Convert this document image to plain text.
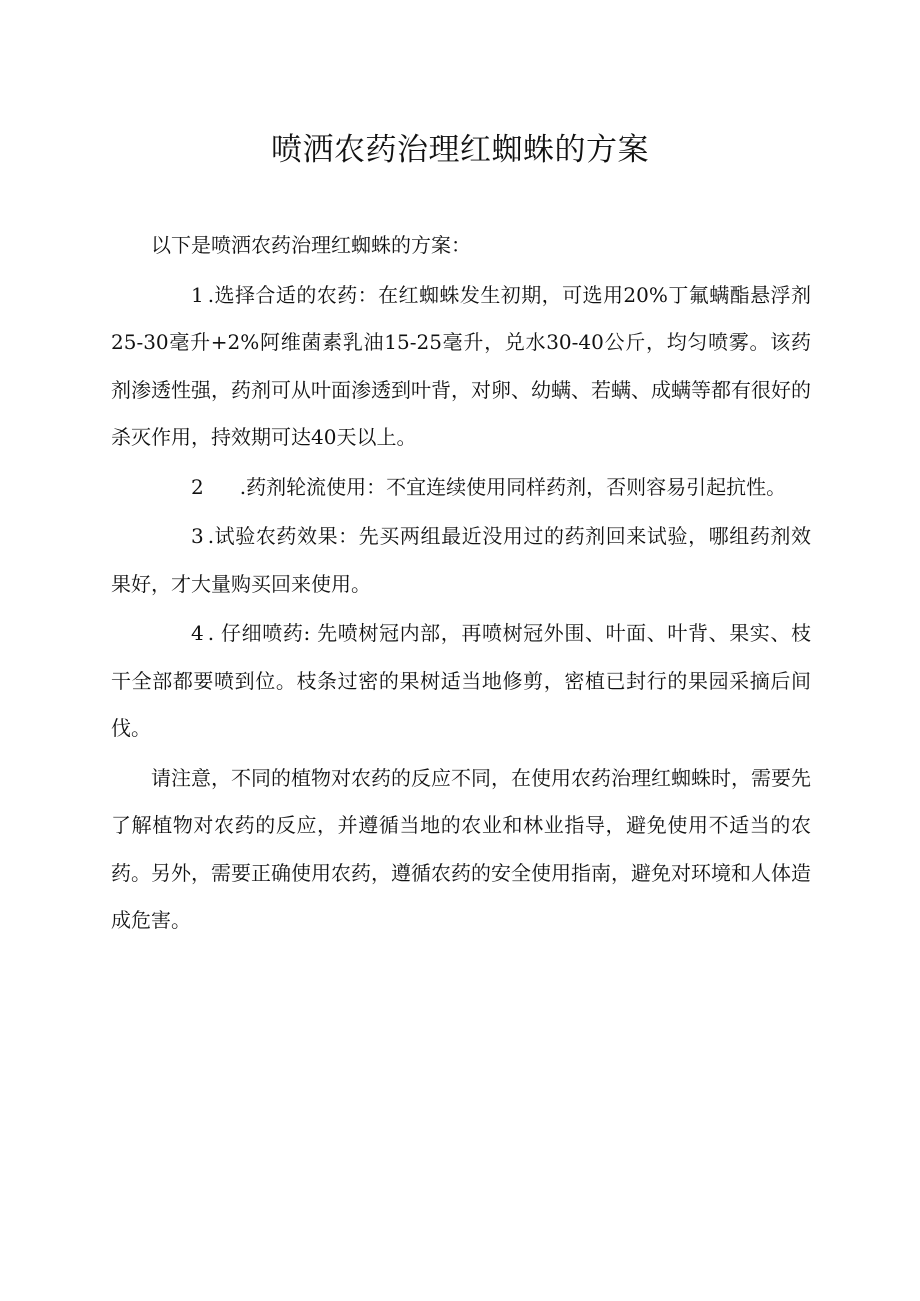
喷洒农药治理红蜘蛛的方案

以下是喷洒农药治理红蜘蛛的方案：

1 .选择合适的农药：在红蜘蛛发生初期，可选用20%丁氟螨酯悬浮剂25-30毫升+2%阿维菌素乳油15-25毫升，兑水30-40公斤，均匀喷雾。该药剂渗透性强，药剂可从叶面渗透到叶背，对卵、幼螨、若螨、成螨等都有很好的杀灭作用，持效期可达40天以上。

2 .药剂轮流使用：不宜连续使用同样药剂，否则容易引起抗性。

3 .试验农药效果：先买两组最近没用过的药剂回来试验，哪组药剂效果好，才大量购买回来使用。

4 . 仔细喷药: 先喷树冠内部，再喷树冠外围、叶面、叶背、果实、枝干全部都要喷到位。枝条过密的果树适当地修剪，密植已封行的果园采摘后间伐。

请注意，不同的植物对农药的反应不同，在使用农药治理红蜘蛛时，需要先了解植物对农药的反应，并遵循当地的农业和林业指导，避免使用不适当的农药。另外，需要正确使用农药，遵循农药的安全使用指南，避免对环境和人体造成危害。
